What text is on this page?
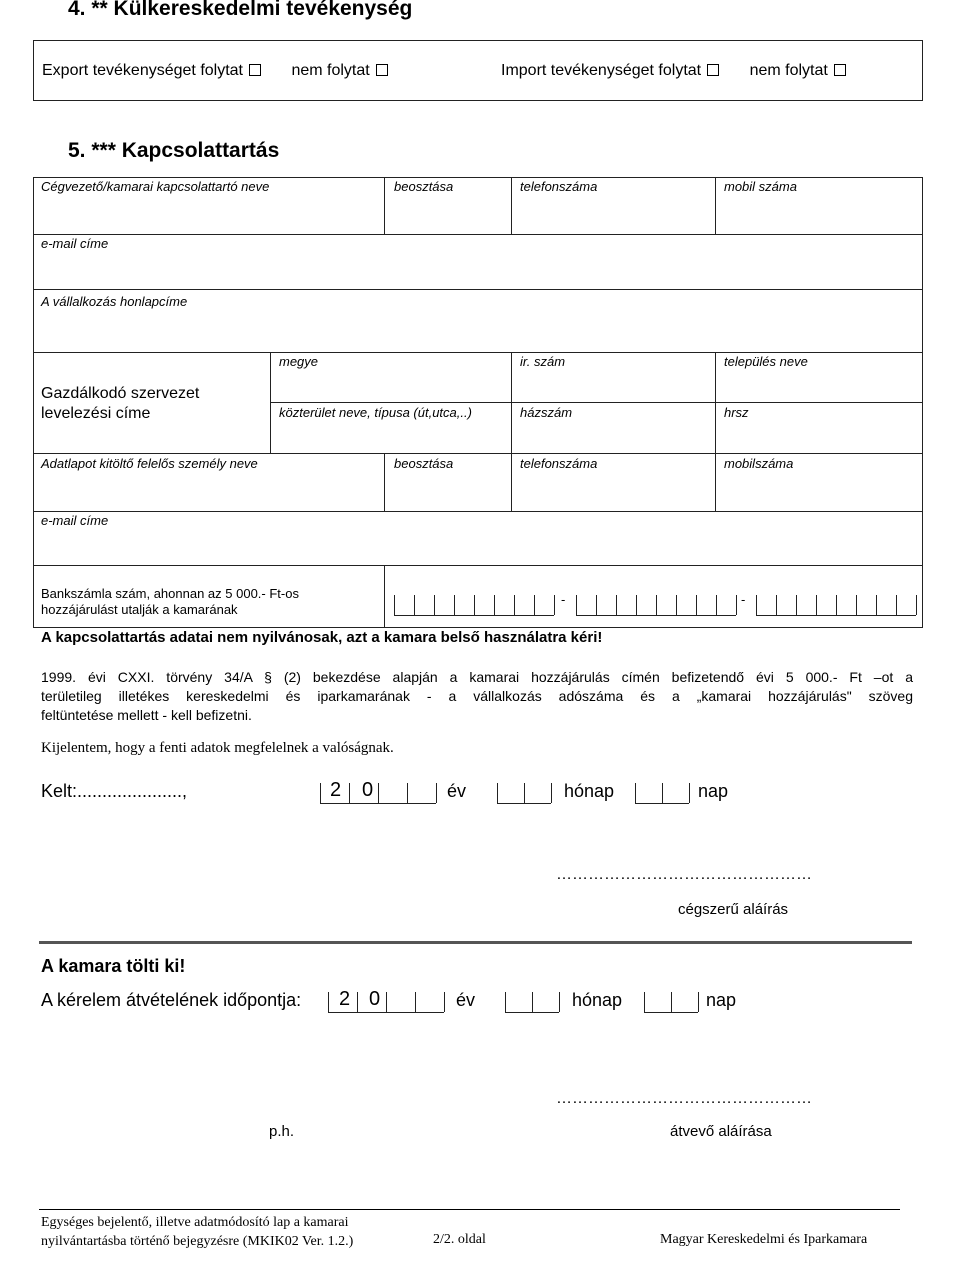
4. ** Külkereskedelmi tevékenység
Export tevékenységet folytat	nem folytat	Import tevékenységet folytat	nem folytat
5. *** Kapcsolattartás
Cégvezető/kamarai kapcsolattartó neve	beosztása	telefonszáma	mobil száma
e-mail címe
A vállalkozás honlapcíme
Gazdálkodó szervezet
levelezési címe
megye	ir. szám	település neve
közterület neve, típusa (út,utca,..)	házszám	hrsz
Adatlapot kitöltő felelős személy neve	beosztása	telefonszáma	mobilszáma
e-mail címe
Bankszámla szám, ahonnan az 5 000.- Ft-os
hozzájárulást utalják a kamarának
-	-
A kapcsolattartás adatai nem nyilvánosak, azt a kamara belső használatra kéri!
1999. évi CXXI. törvény 34/A § (2) bekezdése alapján a kamarai hozzájárulás címén befizetendő évi 5 000.- Ft –ot a
területileg illetékes kereskedelmi és iparkamarának - a vállalkozás adószáma és a „kamarai hozzájárulás" szöveg
feltüntetése mellett - kell befizetni.
Kijelentem, hogy a fenti adatok megfelelnek a valóságnak.
Kelt:.....................,	2 0	év	hónap	nap
…………………………………………
cégszerű aláírás
A kamara tölti ki!
A kérelem átvételének időpontja: 2 0	év	hónap	nap
…………………………………………
p.h.	átvevő aláírása
Egységes bejelentő, illetve adatmódosító lap a kamarai
nyilvántartásba történő bejegyzésre (MKIK02 Ver. 1.2.)	2/2. oldal	Magyar Kereskedelmi és Iparkamara
